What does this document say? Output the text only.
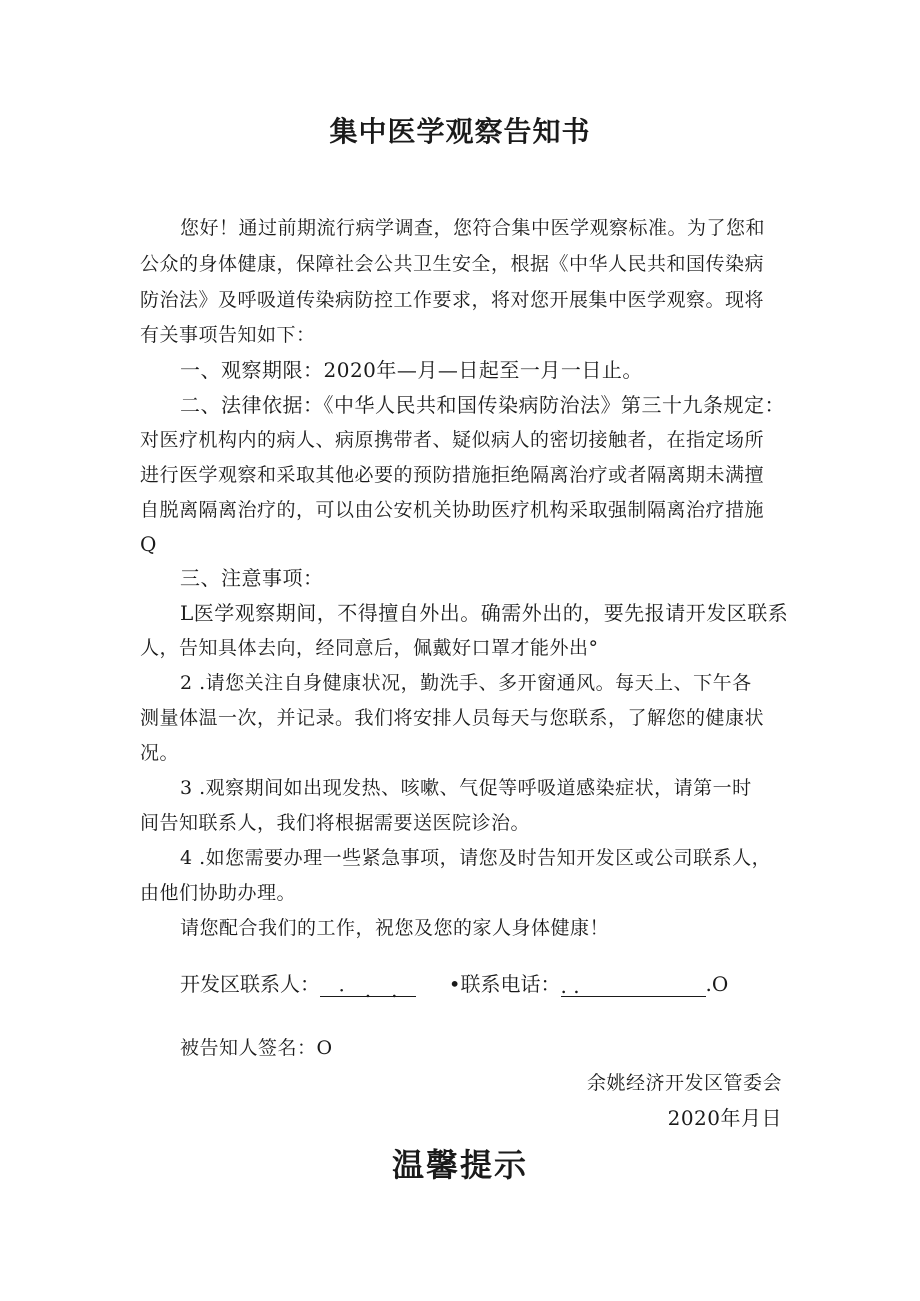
集中医学观察告知书
您好！通过前期流行病学调查，您符合集中医学观察标准。为了您和
公众的身体健康，保障社会公共卫生安全，根据《中华人民共和国传染病
防治法》及呼吸道传染病防控工作要求，将对您开展集中医学观察。现将
有关事项告知如下：
一、观察期限：2020年—月—日起至一月一日止。
二、法律依据：《中华人民共和国传染病防治法》第三十九条规定：
对医疗机构内的病人、病原携带者、疑似病人的密切接触者，在指定场所
进行医学观察和采取其他必要的预防措施拒绝隔离治疗或者隔离期未满擅
自脱离隔离治疗的，可以由公安机关协助医疗机构采取强制隔离治疗措施
Q
三、注意事项：
L医学观察期间，不得擅自外出。确需外出的，要先报请开发区联系
人，告知具体去向，经同意后，佩戴好口罩才能外出°
2 .请您关注自身健康状况，勤洗手、多开窗通风。每天上、下午各
测量体温一次，并记录。我们将安排人员每天与您联系，了解您的健康状
况。
3 .观察期间如出现发热、咳嗽、气促等呼吸道感染症状，请第一时
间告知联系人，我们将根据需要送医院诊治。
4 .如您需要办理一些紧急事项，请您及时告知开发区或公司联系人，
由他们协助办理。
请您配合我们的工作，祝您及您的家人身体健康！
开发区联系人： ·　.　.	•联系电话：. .	.O
被告知人签名：O
余姚经济开发区管委会
2020年月日
温馨提示
